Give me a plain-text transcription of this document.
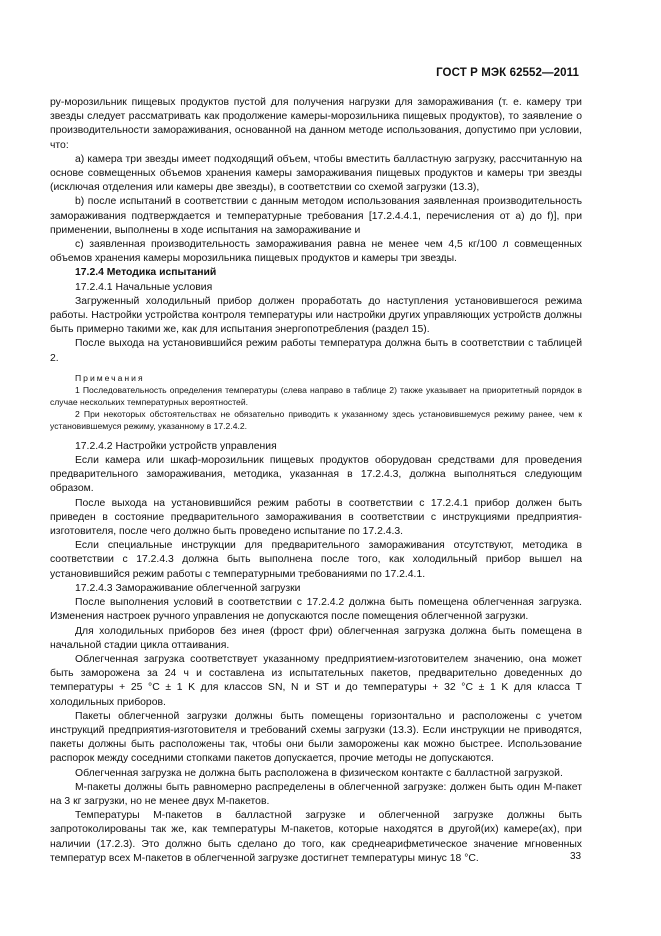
ГОСТ Р МЭК 62552—2011

ру-морозильник пищевых продуктов пустой для получения нагрузки для замораживания (т. е. камеру три звезды следует рассматривать как продолжение камеры-морозильника пищевых продуктов), то заявление о производительности замораживания, основанной на данном методе использования, допустимо при условии, что:

a) камера три звезды имеет подходящий объем, чтобы вместить балластную загрузку, рассчитанную на основе совмещенных объемов хранения камеры замораживания пищевых продуктов и камеры три звезды (исключая отделения или камеры две звезды), в соответствии со схемой загрузки (13.3),

b) после испытаний в соответствии с данным методом использования заявленная производительность замораживания подтверждается и температурные требования [17.2.4.4.1, перечисления от a) до f)], при применении, выполнены в ходе испытания на замораживание и

c) заявленная производительность замораживания равна не менее чем 4,5 кг/100 л совмещенных объемов хранения камеры морозильника пищевых продуктов и камеры три звезды.

17.2.4 Методика испытаний

17.2.4.1 Начальные условия

Загруженный холодильный прибор должен проработать до наступления установившегося режима работы. Настройки устройства контроля температуры или настройки других управляющих устройств должны быть примерно такими же, как для испытания энергопотребления (раздел 15).

После выхода на установившийся режим работы температура должна быть в соответствии с таблицей 2.

Примечания

1 Последовательность определения температуры (слева направо в таблице 2) также указывает на приоритетный порядок в случае нескольких температурных вероятностей.

2 При некоторых обстоятельствах не обязательно приводить к указанному здесь установившемуся режиму ранее, чем к установившемуся режиму, указанному в 17.2.4.2.

17.2.4.2 Настройки устройств управления

Если камера или шкаф-морозильник пищевых продуктов оборудован средствами для проведения предварительного замораживания, методика, указанная в 17.2.4.3, должна выполняться следующим образом.

После выхода на установившийся режим работы в соответствии с 17.2.4.1 прибор должен быть приведен в состояние предварительного замораживания в соответствии с инструкциями предприятия-изготовителя, после чего должно быть проведено испытание по 17.2.4.3.

Если специальные инструкции для предварительного замораживания отсутствуют, методика в соответствии с 17.2.4.3 должна быть выполнена после того, как холодильный прибор вышел на установившийся режим работы с температурными требованиями по 17.2.4.1.

17.2.4.3 Замораживание облегченной загрузки

После выполнения условий в соответствии с 17.2.4.2 должна быть помещена облегченная загрузка. Изменения настроек ручного управления не допускаются после помещения облегченной загрузки.

Для холодильных приборов без инея (фрост фри) облегченная загрузка должна быть помещена в начальной стадии цикла оттаивания.

Облегченная загрузка соответствует указанному предприятием-изготовителем значению, она может быть заморожена за 24 ч и составлена из испытательных пакетов, предварительно доведенных до температуры + 25 °C ± 1 K для классов SN, N и ST и до температуры + 32 °C ± 1 K для класса T холодильных приборов.

Пакеты облегченной загрузки должны быть помещены горизонтально и расположены с учетом инструкций предприятия-изготовителя и требований схемы загрузки (13.3). Если инструкции не приводятся, пакеты должны быть расположены так, чтобы они были заморожены как можно быстрее. Использование распорок между соседними стопками пакетов допускается, прочие методы не допускаются.

Облегченная загрузка не должна быть расположена в физическом контакте с балластной загрузкой.

М-пакеты должны быть равномерно распределены в облегченной загрузке: должен быть один М-пакет на 3 кг загрузки, но не менее двух М-пакетов.

Температуры М-пакетов в балластной загрузке и облегченной загрузке должны быть запротоколированы так же, как температуры М-пакетов, которые находятся в другой(их) камере(ах), при наличии (17.2.3). Это должно быть сделано до того, как среднеарифметическое значение мгновенных температур всех М-пакетов в облегченной загрузке достигнет температуры минус 18 °C.	33
